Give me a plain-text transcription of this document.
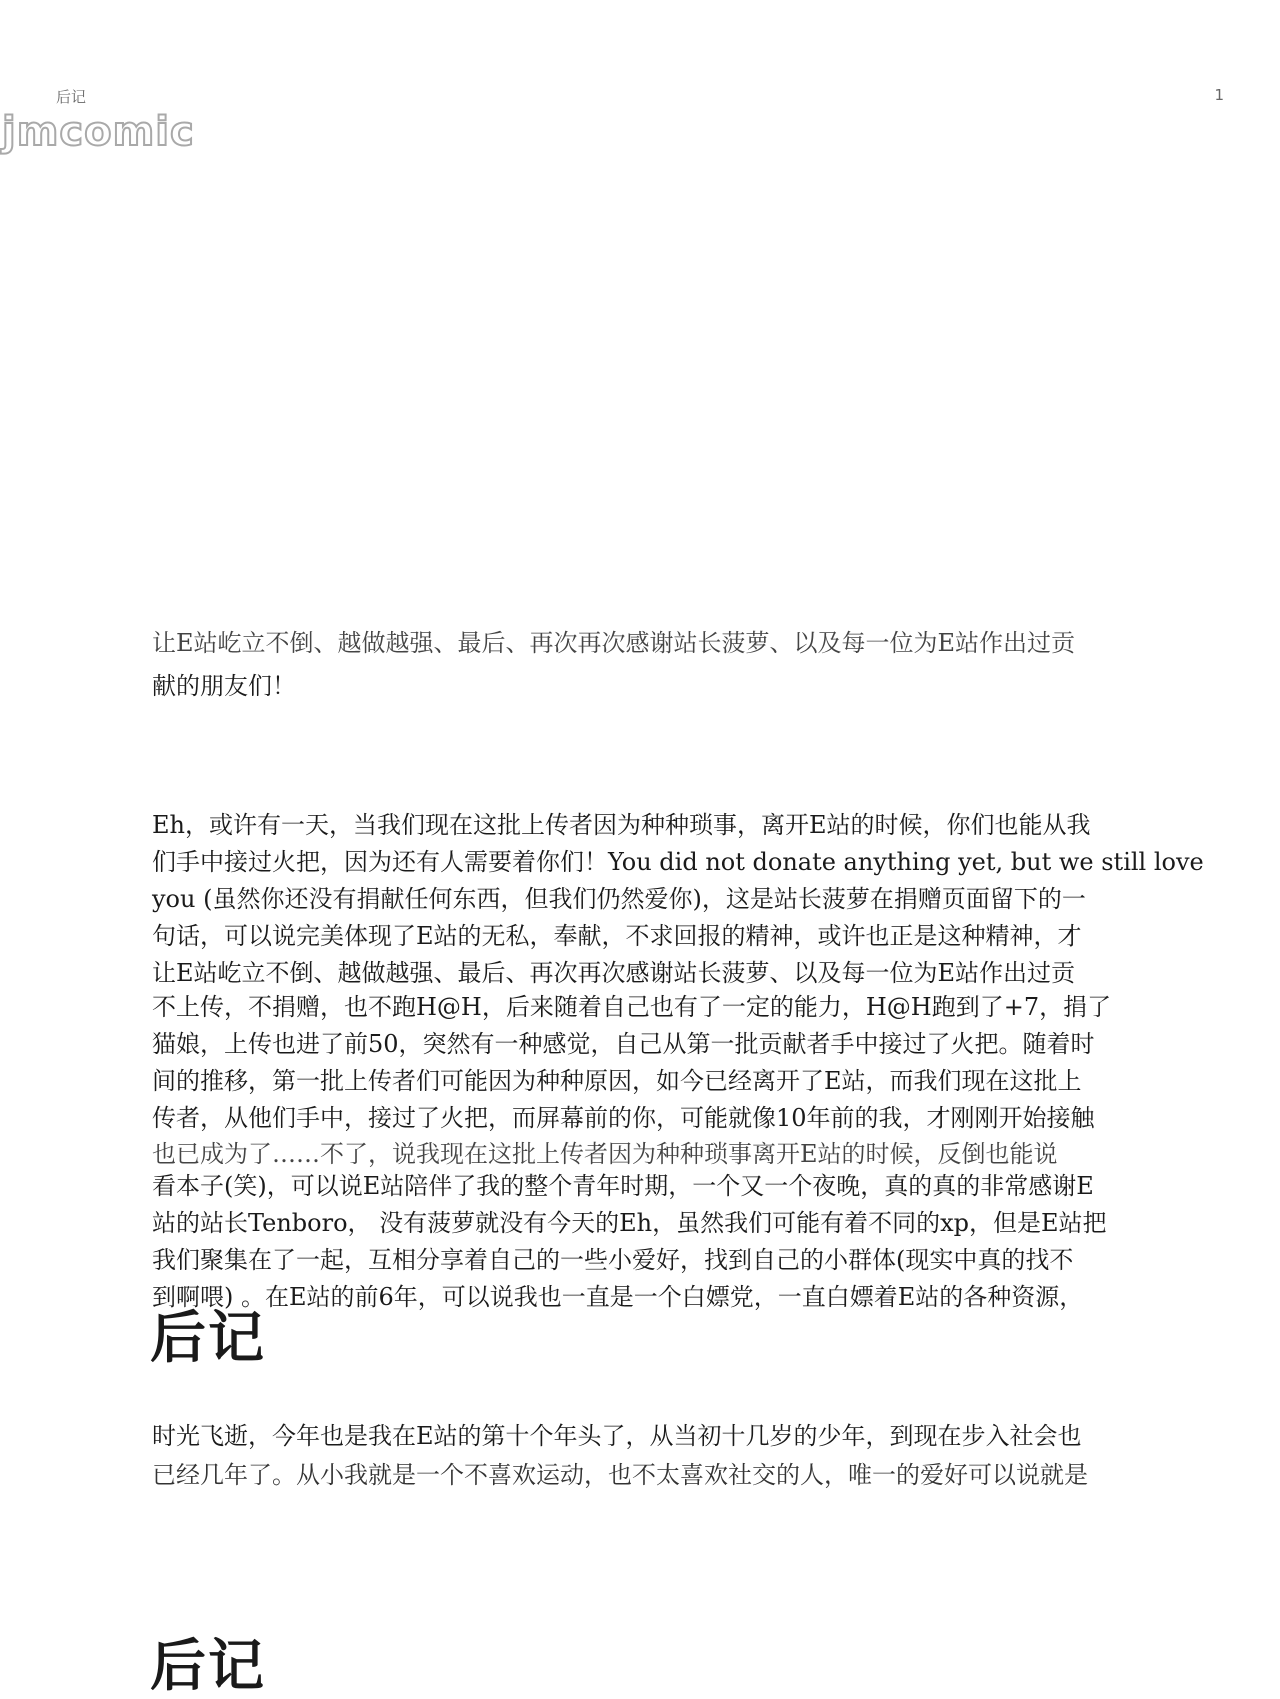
后记	1
jmcomic
让E站屹立不倒、越做越强、最后、再次再次感谢站长菠萝、以及每一位为E站作出过贡
献的朋友们！
Eh，或许有一天，当我们现在这批上传者因为种种琐事，离开E站的时候，你们也能从我
们手中接过火把，因为还有人需要着你们！You did not donate anything yet, but we still love
you (虽然你还没有捐献任何东西，但我们仍然爱你)，这是站长菠萝在捐赠页面留下的一
句话，可以说完美体现了E站的无私，奉献，不求回报的精神，或许也正是这种精神，才
让E站屹立不倒、越做越强、最后、再次再次感谢站长菠萝、以及每一位为E站作出过贡
不上传，不捐赠，也不跑H@H，后来随着自己也有了一定的能力，H@H跑到了+7，捐了
猫娘，上传也进了前50，突然有一种感觉，自己从第一批贡献者手中接过了火把。随着时
间的推移，第一批上传者们可能因为种种原因，如今已经离开了E站，而我们现在这批上
传者，从他们手中，接过了火把，而屏幕前的你，可能就像10年前的我，才刚刚开始接触
也已成为了……不了，说我现在这批上传者因为种种琐事离开E站的时候，反倒也能说
看本子(笑)，可以说E站陪伴了我的整个青年时期，一个又一个夜晚，真的真的非常感谢E
站的站长Tenboro， 没有菠萝就没有今天的Eh，虽然我们可能有着不同的xp，但是E站把
我们聚集在了一起，互相分享着自己的一些小爱好，找到自己的小群体(现实中真的找不
到啊喂) 。在E站的前6年，可以说我也一直是一个白嫖党，一直白嫖着E站的各种资源，
后记
时光飞逝，今年也是我在E站的第十个年头了，从当初十几岁的少年，到现在步入社会也
已经几年了。从小我就是一个不喜欢运动，也不太喜欢社交的人，唯一的爱好可以说就是
后记
